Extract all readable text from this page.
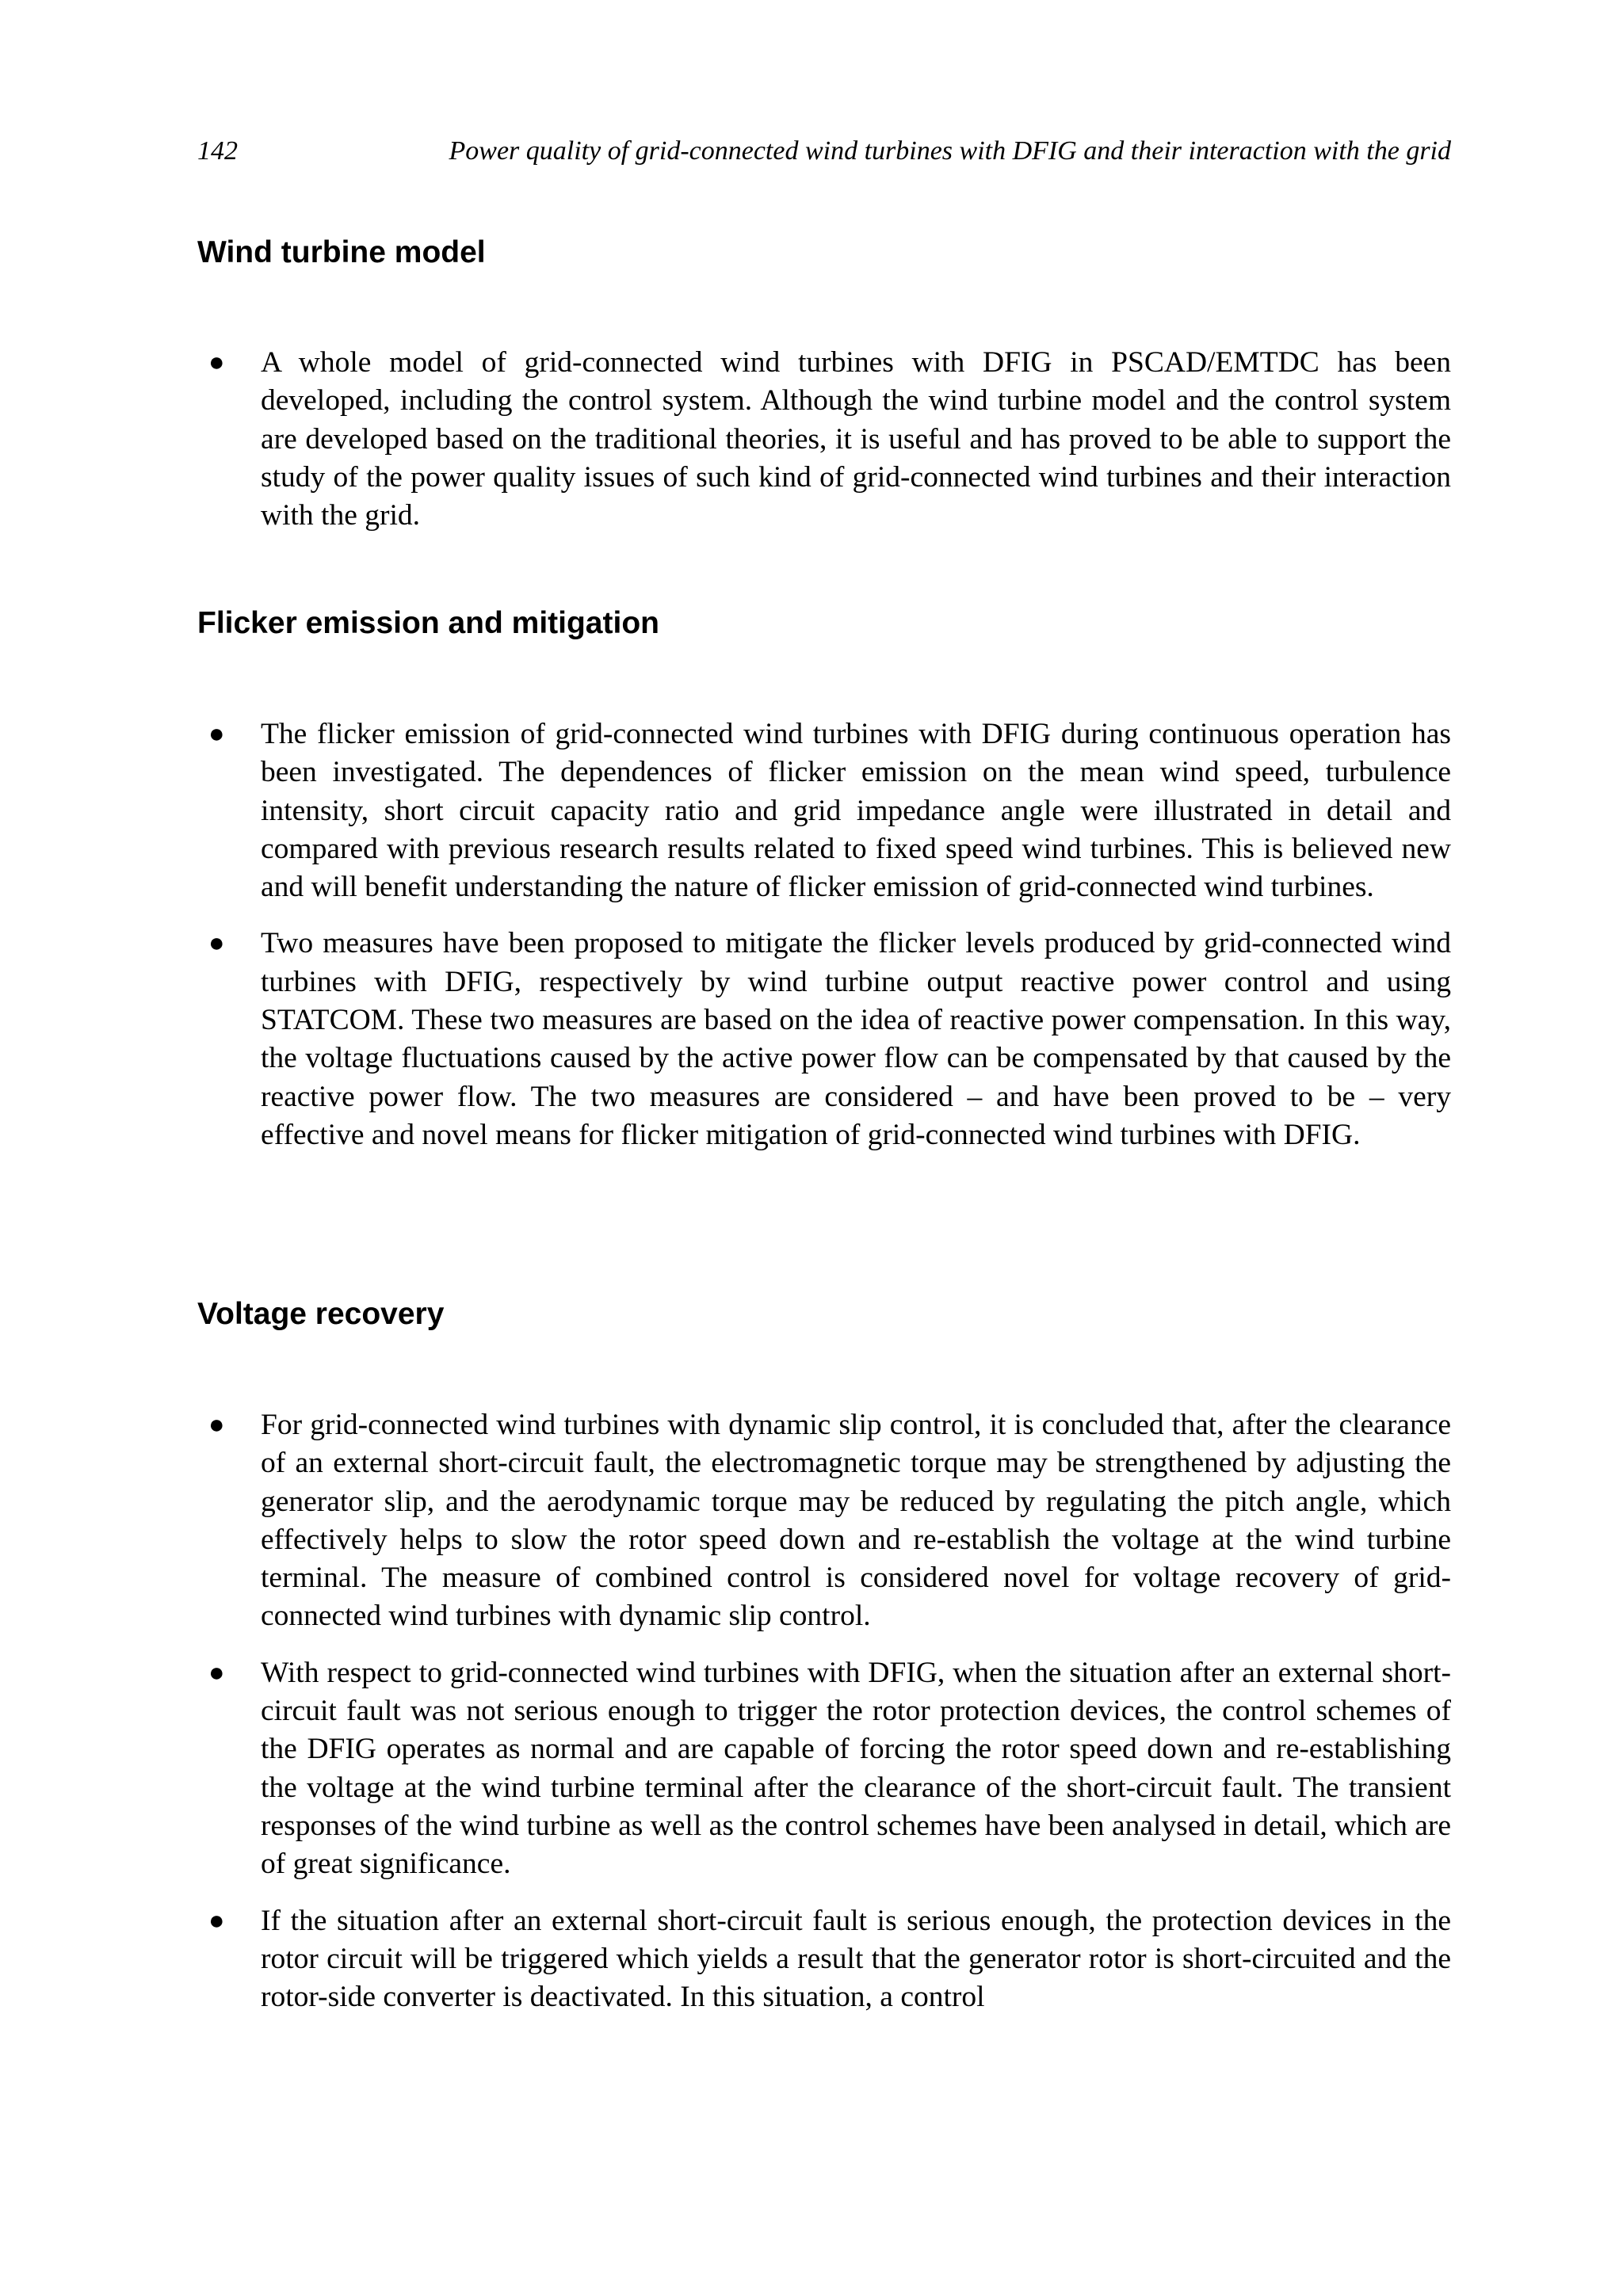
142	Power quality of grid-connected wind turbines with DFIG and their interaction with the grid
Wind turbine model
● A whole model of grid-connected wind turbines with DFIG in PSCAD/EMTDC has been developed, including the control system. Although the wind turbine model and the control system are developed based on the traditional theories, it is useful and has proved to be able to support the study of the power quality issues of such kind of grid-connected wind turbines and their interaction with the grid.
Flicker emission and mitigation
● The flicker emission of grid-connected wind turbines with DFIG during continuous operation has been investigated. The dependences of flicker emission on the mean wind speed, turbulence intensity, short circuit capacity ratio and grid impedance angle were illustrated in detail and compared with previous research results related to fixed speed wind turbines. This is believed new and will benefit understanding the nature of flicker emission of grid-connected wind turbines.
● Two measures have been proposed to mitigate the flicker levels produced by grid-connected wind turbines with DFIG, respectively by wind turbine output reactive power control and using STATCOM. These two measures are based on the idea of reactive power compensation. In this way, the voltage fluctuations caused by the active power flow can be compensated by that caused by the reactive power flow. The two measures are considered – and have been proved to be – very effective and novel means for flicker mitigation of grid-connected wind turbines with DFIG.
Voltage recovery
● For grid-connected wind turbines with dynamic slip control, it is concluded that, after the clearance of an external short-circuit fault, the electromagnetic torque may be strengthened by adjusting the generator slip, and the aerodynamic torque may be reduced by regulating the pitch angle, which effectively helps to slow the rotor speed down and re-establish the voltage at the wind turbine terminal. The measure of combined control is considered novel for voltage recovery of grid-connected wind turbines with dynamic slip control.
● With respect to grid-connected wind turbines with DFIG, when the situation after an external short-circuit fault was not serious enough to trigger the rotor protection devices, the control schemes of the DFIG operates as normal and are capable of forcing the rotor speed down and re-establishing the voltage at the wind turbine terminal after the clearance of the short-circuit fault. The transient responses of the wind turbine as well as the control schemes have been analysed in detail, which are of great significance.
● If the situation after an external short-circuit fault is serious enough, the protection devices in the rotor circuit will be triggered which yields a result that the generator rotor is short-circuited and the rotor-side converter is deactivated. In this situation, a control
